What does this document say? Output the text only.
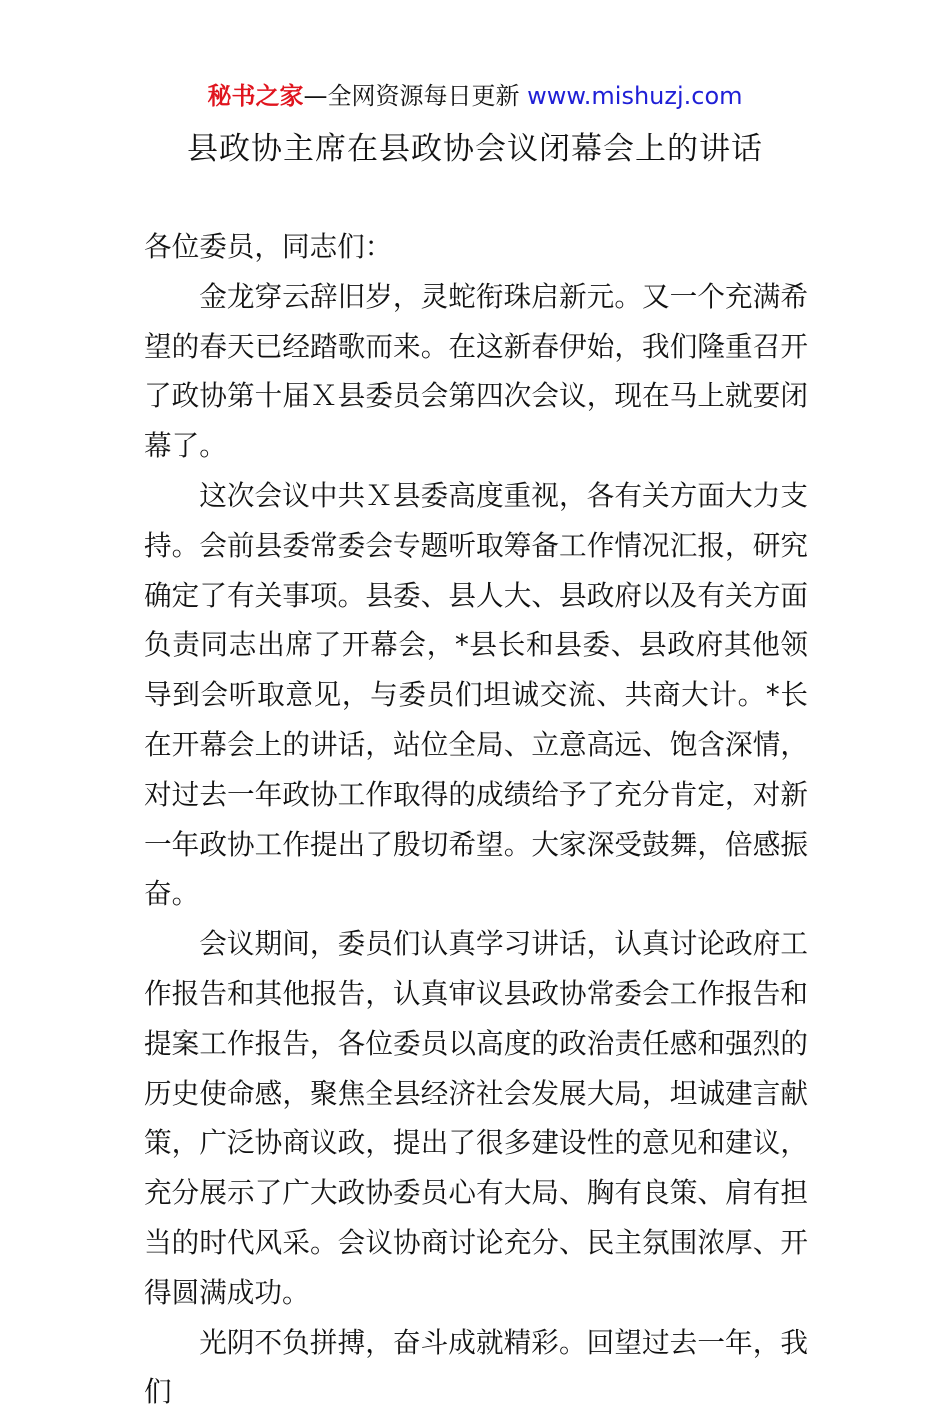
秘书之家—全网资源每日更新 www.mishuzj.com
县政协主席在县政协会议闭幕会上的讲话

各位委员，同志们：

金龙穿云辞旧岁，灵蛇衔珠启新元。又一个充满希望的春天已经踏歌而来。在这新春伊始，我们隆重召开了政协第十届Ｘ县委员会第四次会议，现在马上就要闭幕了。

这次会议中共Ｘ县委高度重视，各有关方面大力支持。会前县委常委会专题听取筹备工作情况汇报，研究确定了有关事项。县委、县人大、县政府以及有关方面负责同志出席了开幕会，*县长和县委、县政府其他领导到会听取意见，与委员们坦诚交流、共商大计。*长在开幕会上的讲话，站位全局、立意高远、饱含深情，对过去一年政协工作取得的成绩给予了充分肯定，对新一年政协工作提出了殷切希望。大家深受鼓舞，倍感振奋。

会议期间，委员们认真学习讲话，认真讨论政府工作报告和其他报告，认真审议县政协常委会工作报告和提案工作报告，各位委员以高度的政治责任感和强烈的历史使命感，聚焦全县经济社会发展大局，坦诚建言献策，广泛协商议政，提出了很多建设性的意见和建议，充分展示了广大政协委员心有大局、胸有良策、肩有担当的时代风采。会议协商讨论充分、民主氛围浓厚、开得圆满成功。

光阴不负拼搏，奋斗成就精彩。回望过去一年，我们
